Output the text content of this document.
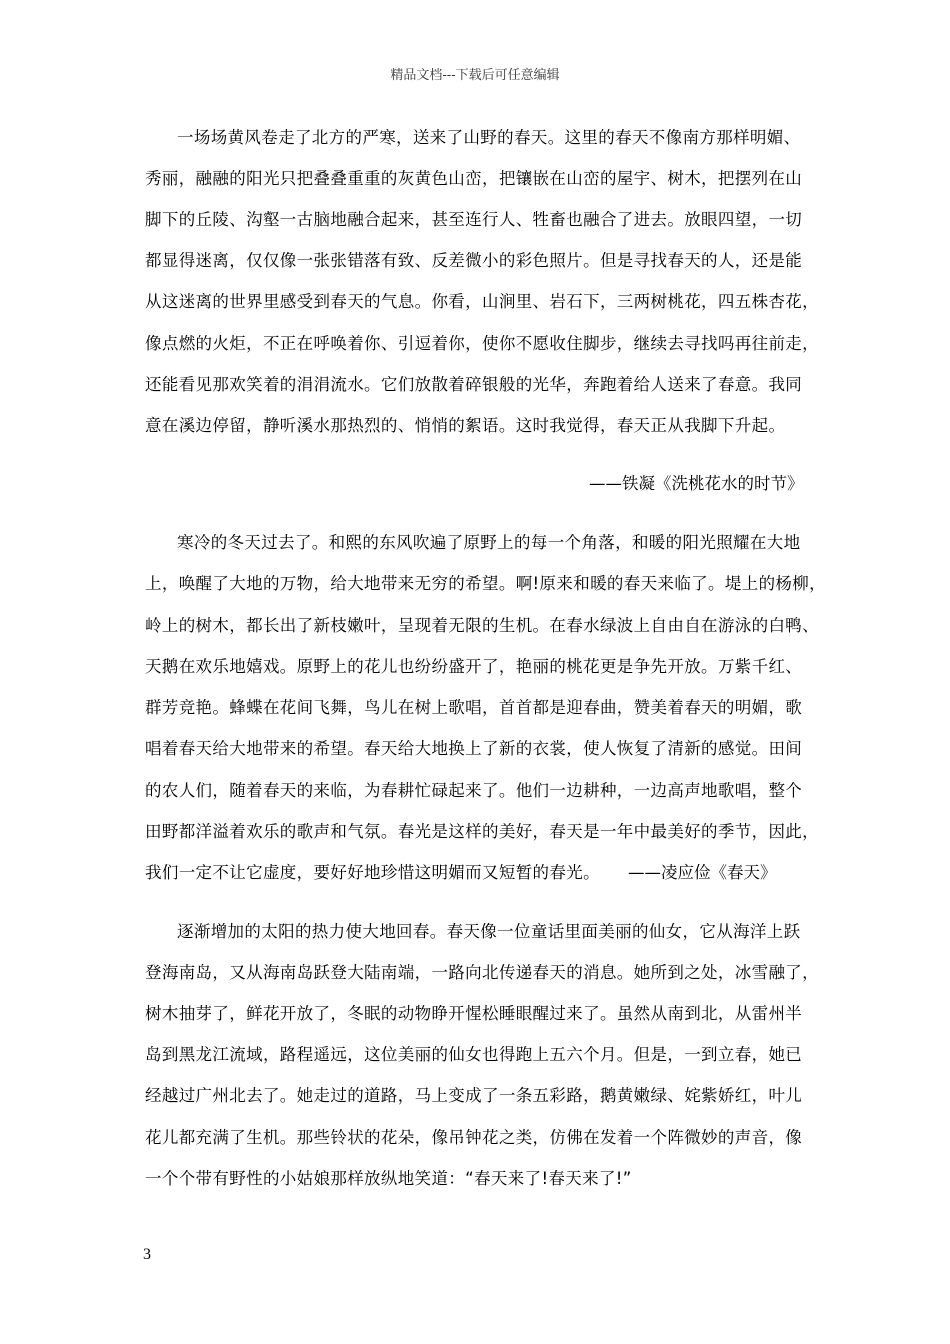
精品文档---下载后可任意编辑
一场场黄风卷走了北方的严寒，送来了山野的春天。这里的春天不像南方那样明媚、
秀丽，融融的阳光只把叠叠重重的灰黄色山峦，把镶嵌在山峦的屋宇、树木，把摆列在山
脚下的丘陵、沟壑一古脑地融合起来，甚至连行人、牲畜也融合了进去。放眼四望，一切
都显得迷离，仅仅像一张张错落有致、反差微小的彩色照片。但是寻找春天的人，还是能
从这迷离的世界里感受到春天的气息。你看，山涧里、岩石下，三两树桃花，四五株杏花，
像点燃的火炬，不正在呼唤着你、引逗着你，使你不愿收住脚步，继续去寻找吗再往前走，
还能看见那欢笑着的涓涓流水。它们放散着碎银般的光华，奔跑着给人送来了春意。我同
意在溪边停留，静听溪水那热烈的、悄悄的絮语。这时我觉得，春天正从我脚下升起。
——铁凝《洗桃花水的时节》
寒冷的冬天过去了。和熙的东风吹遍了原野上的每一个角落，和暖的阳光照耀在大地
上，唤醒了大地的万物，给大地带来无穷的希望。啊!原来和暖的春天来临了。堤上的杨柳，
岭上的树木，都长出了新枝嫩叶，呈现着无限的生机。在春水绿波上自由自在游泳的白鸭、
天鹅在欢乐地嬉戏。原野上的花儿也纷纷盛开了，艳丽的桃花更是争先开放。万紫千红、
群芳竞艳。蜂蝶在花间飞舞，鸟儿在树上歌唱，首首都是迎春曲，赞美着春天的明媚，歌
唱着春天给大地带来的希望。春天给大地换上了新的衣裳，使人恢复了清新的感觉。田间
的农人们，随着春天的来临，为春耕忙碌起来了。他们一边耕种，一边高声地歌唱，整个
田野都洋溢着欢乐的歌声和气氛。春光是这样的美好，春天是一年中最美好的季节，因此，
我们一定不让它虚度，要好好地珍惜这明媚而又短暂的春光。 ——凌应俭《春天》
逐渐增加的太阳的热力使大地回春。春天像一位童话里面美丽的仙女，它从海洋上跃
登海南岛，又从海南岛跃登大陆南端，一路向北传递春天的消息。她所到之处，冰雪融了，
树木抽芽了，鲜花开放了，冬眠的动物睁开惺松睡眼醒过来了。虽然从南到北，从雷州半
岛到黑龙江流域，路程遥远，这位美丽的仙女也得跑上五六个月。但是，一到立春，她已
经越过广州北去了。她走过的道路，马上变成了一条五彩路，鹅黄嫩绿、姹紫娇红，叶儿
花儿都充满了生机。那些铃状的花朵，像吊钟花之类，仿佛在发着一个阵微妙的声音，像
一个个带有野性的小姑娘那样放纵地笑道：“春天来了!春天来了!”
3
